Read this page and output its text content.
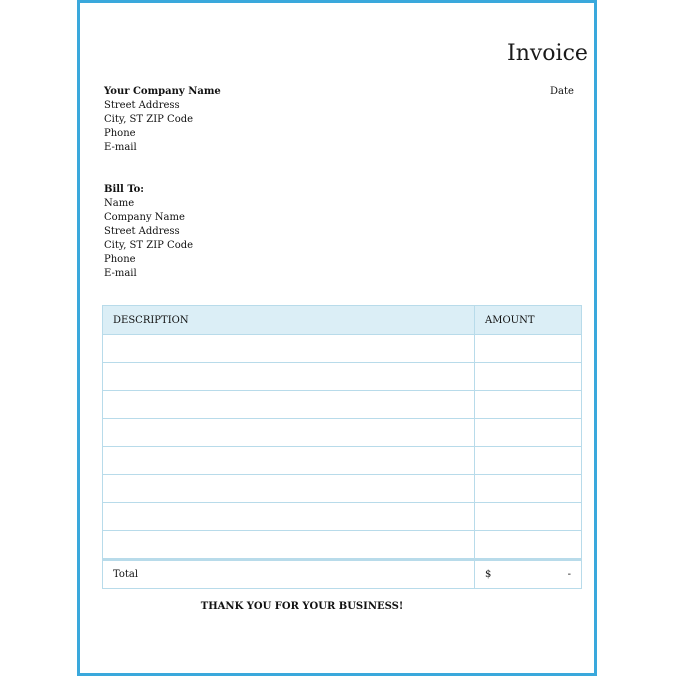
Invoice
Date
Your Company Name
Street Address
City, ST ZIP Code
Phone
E-mail
Bill To:
Name
Company Name
Street Address
City, ST ZIP Code
Phone
E-mail
DESCRIPTION	AMOUNT
Total	$	-
THANK YOU FOR YOUR BUSINESS!
